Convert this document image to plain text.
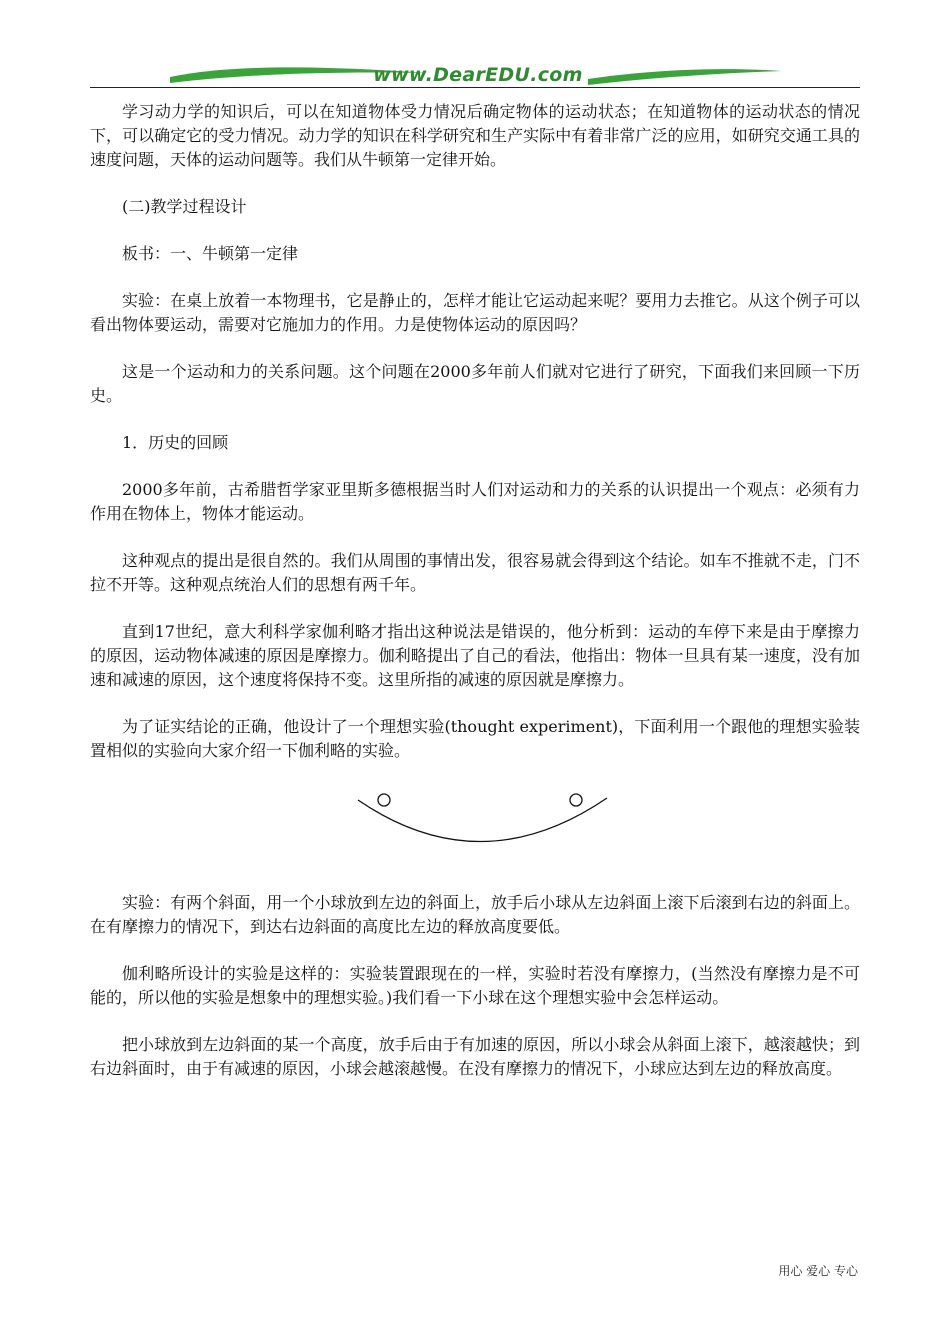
www.DearEDU.com

学习动力学的知识后，可以在知道物体受力情况后确定物体的运动状态；在知道物体的运动状态的情况下，可以确定它的受力情况。动力学的知识在科学研究和生产实际中有着非常广泛的应用，如研究交通工具的速度问题，天体的运动问题等。我们从牛顿第一定律开始。

(二)教学过程设计

板书：一、牛顿第一定律

实验：在桌上放着一本物理书，它是静止的，怎样才能让它运动起来呢？要用力去推它。从这个例子可以看出物体要运动，需要对它施加力的作用。力是使物体运动的原因吗？

这是一个运动和力的关系问题。这个问题在2000多年前人们就对它进行了研究，下面我们来回顾一下历史。

1．历史的回顾

2000多年前，古希腊哲学家亚里斯多德根据当时人们对运动和力的关系的认识提出一个观点：必须有力作用在物体上，物体才能运动。

这种观点的提出是很自然的。我们从周围的事情出发，很容易就会得到这个结论。如车不推就不走，门不拉不开等。这种观点统治人们的思想有两千年。

直到17世纪，意大利科学家伽利略才指出这种说法是错误的，他分析到：运动的车停下来是由于摩擦力的原因，运动物体减速的原因是摩擦力。伽利略提出了自己的看法，他指出：物体一旦具有某一速度，没有加速和减速的原因，这个速度将保持不变。这里所指的减速的原因就是摩擦力。

为了证实结论的正确，他设计了一个理想实验(thought experiment)，下面利用一个跟他的理想实验装置相似的实验向大家介绍一下伽利略的实验。

实验：有两个斜面，用一个小球放到左边的斜面上，放手后小球从左边斜面上滚下后滚到右边的斜面上。在有摩擦力的情况下，到达右边斜面的高度比左边的释放高度要低。

伽利略所设计的实验是这样的：实验装置跟现在的一样，实验时若没有摩擦力，(当然没有摩擦力是不可能的，所以他的实验是想象中的理想实验。)我们看一下小球在这个理想实验中会怎样运动。

把小球放到左边斜面的某一个高度，放手后由于有加速的原因，所以小球会从斜面上滚下，越滚越快；到右边斜面时，由于有减速的原因，小球会越滚越慢。在没有摩擦力的情况下，小球应达到左边的释放高度。

用心 爱心 专心
